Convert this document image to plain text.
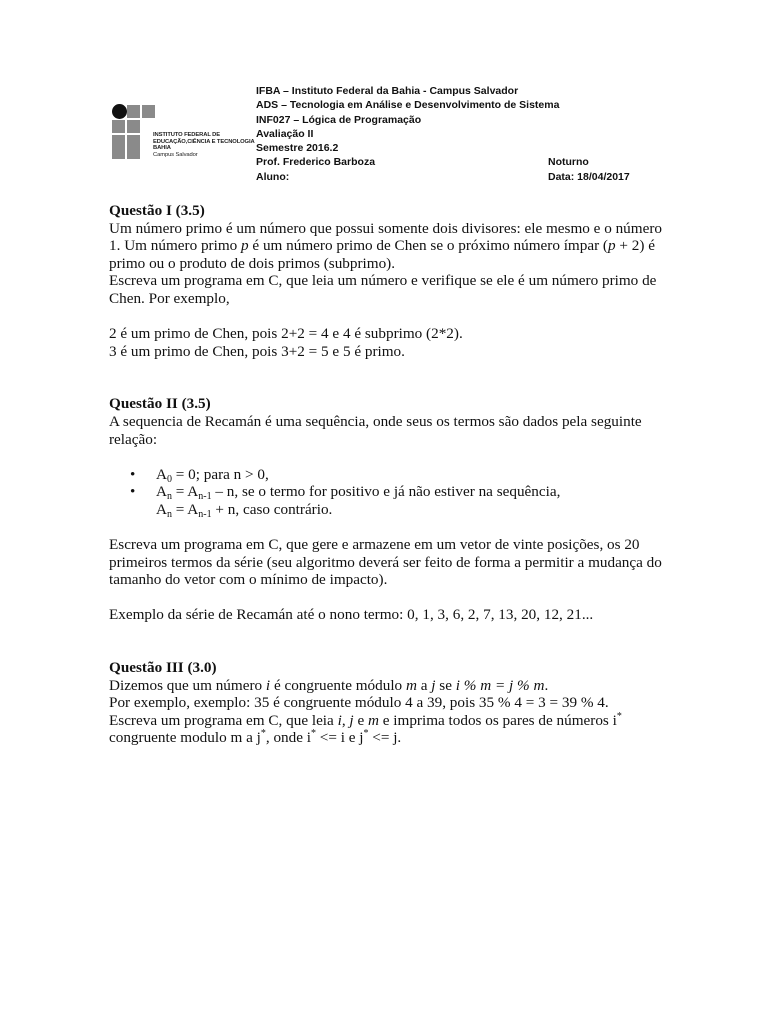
INSTITUTO FEDERAL DE
EDUCAÇÃO,CIÊNCIA E TECNOLOGIA
BAHIA
Campus Salvador
IFBA – Instituto Federal da Bahia - Campus Salvador
ADS – Tecnologia em Análise e Desenvolvimento de Sistema
INF027 – Lógica de Programação
Avaliação II
Semestre 2016.2
Prof. Frederico Barboza	Noturno
Aluno:	Data: 18/04/2017
Questão I (3.5)

Um número primo é um número que possui somente dois divisores: ele mesmo e o número 1. Um número primo p é um número primo de Chen se o próximo número ímpar (p + 2) é primo ou o produto de dois primos (subprimo).

Escreva um programa em C, que leia um número e verifique se ele é um número primo de Chen. Por exemplo,

2 é um primo de Chen, pois 2+2 = 4 e 4 é subprimo (2*2).

3 é um primo de Chen, pois 3+2 = 5 e 5 é primo.

Questão II (3.5)

A sequencia de Recamán é uma sequência, onde seus os termos são dados pela seguinte relação:

• $A_0 = 0$; para n > 0,
• $A_n = A_{n-1} - n$, se o termo for positivo e já não estiver na sequência,

$A_n = A_{n-1} + n$, caso contrário.

Escreva um programa em C, que gere e armazene em um vetor de vinte posições, os 20 primeiros termos da série (seu algoritmo deverá ser feito de forma a permitir a mudança do tamanho do vetor com o mínimo de impacto).

Exemplo da série de Recamán até o nono termo: 0, 1, 3, 6, 2, 7, 13, 20, 12, 21...

Questão III (3.0)

Dizemos que um número i é congruente módulo m a j se i % m = j % m.

Por exemplo, exemplo: 35 é congruente módulo 4 a 39, pois 35 % 4 = 3 = 39 % 4.

Escreva um programa em C, que leia i, j e m e imprima todos os pares de números i*

congruente modulo m a j*, onde i* <= i e j* <= j.
